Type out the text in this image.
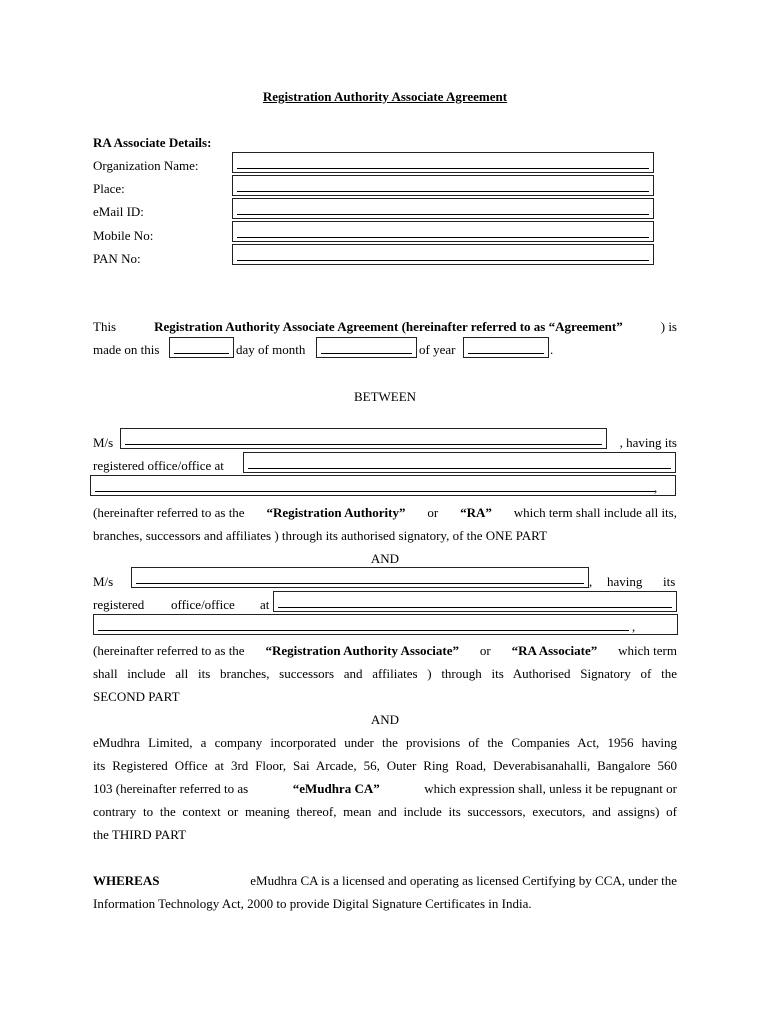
Registration Authority Associate Agreement
RA Associate Details:
Organization Name:
Place:
eMail ID:
Mobile No:
PAN No:
This	Registration Authority Associate Agreement (hereinafter referred to as “Agreement”	) is
made on this	day of month	of year	.
BETWEEN
M/s	, having its
registered office/office at
,
(hereinafter referred to as the “Registration Authority” or “RA” which term shall include all its,
branches, successors and affiliates ) through its authorised signatory, of the ONE PART
AND
M/s	, having its
registered office/office at
,
(hereinafter referred to as the “Registration Authority Associate” or “RA Associate” which term
shall include all its branches, successors and affiliates ) through its Authorised Signatory of the
SECOND PART
AND
eMudhra Limited, a company incorporated under the provisions of the Companies Act, 1956 having
its Registered Office at 3rd Floor, Sai Arcade, 56, Outer Ring Road, Deverabisanahalli, Bangalore 560
103 (hereinafter referred to as	“eMudhra CA”	which expression shall, unless it be repugnant or
contrary to the context or meaning thereof, mean and include its successors, executors, and assigns) of
the THIRD PART
WHEREAS	eMudhra CA is a licensed and operating as licensed Certifying by CCA, under the
Information Technology Act, 2000 to provide Digital Signature Certificates in India.
